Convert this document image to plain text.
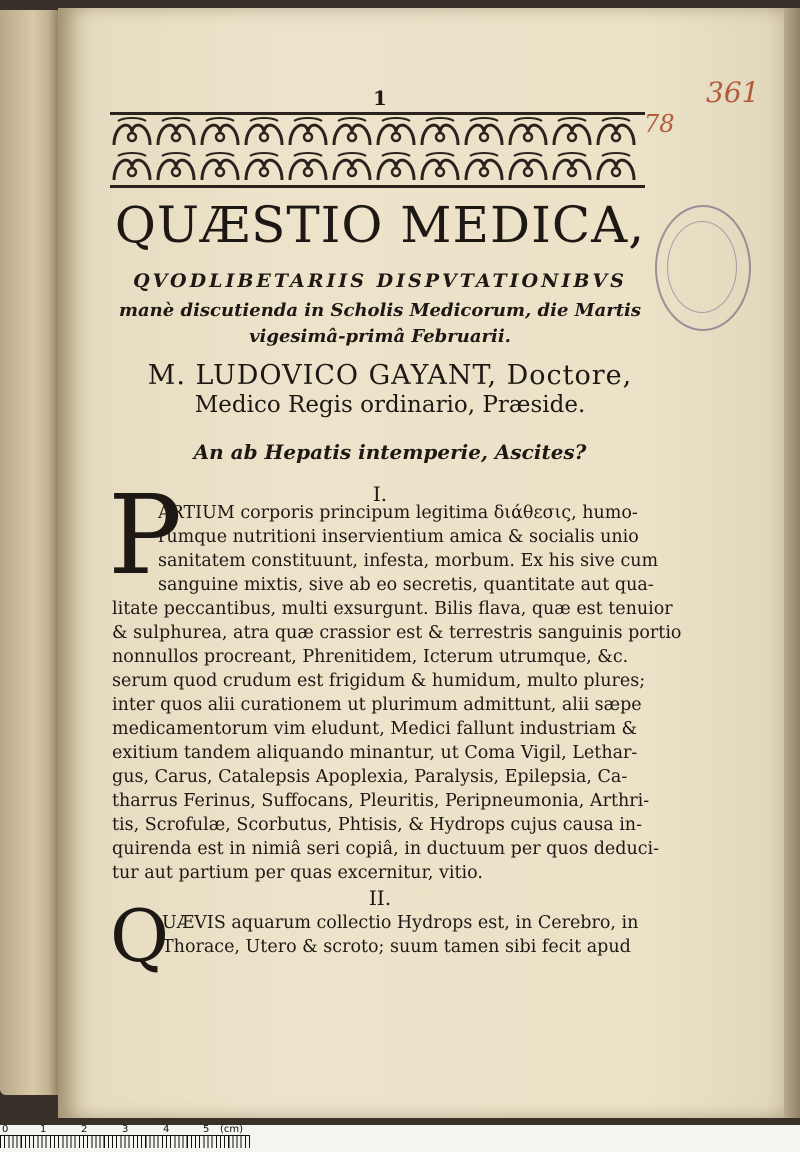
1	361
78
QUÆSTIO MEDICA,
QVODLIBETARIIS DISPVTATIONIBVS
manè discutienda in Scholis Medicorum, die Martis
vigesimâ-primâ Februarii.
M. LUDOVICO GAYANT, Doctore,
Medico Regis ordinario, Præside.
An ab Hepatis intemperie, Ascites?
I.
P
ARTIUM corporis principum legitima διάθεσις, humo-
rumque nutritioni inservientium amica & socialis unio
sanitatem constituunt, infesta, morbum. Ex his sive cum
sanguine mixtis, sive ab eo secretis, quantitate aut qua-
litate peccantibus, multi exsurgunt. Bilis flava, quæ est tenuior
& sulphurea, atra quæ crassior est & terrestris sanguinis portio
nonnullos procreant, Phrenitidem, Icterum utrumque, &c.
serum quod crudum est frigidum & humidum, multo plures;
inter quos alii curationem ut plurimum admittunt, alii sæpe
medicamentorum vim eludunt, Medici fallunt industriam &
exitium tandem aliquando minantur, ut Coma Vigil, Lethar-
gus, Carus, Catalepsis Apoplexia, Paralysis, Epilepsia, Ca-
tharrus Ferinus, Suffocans, Pleuritis, Peripneumonia, Arthri-
tis, Scrofulæ, Scorbutus, Phtisis, & Hydrops cujus causa in-
quirenda est in nimiâ seri copiâ, in ductuum per quos deduci-
tur aut partium per quas excernitur, vitio.
II.
Q
UÆVIS aquarum collectio Hydrops est, in Cerebro, in
Thorace, Utero & scroto; suum tamen sibi fecit apud
0	1	2	3	4	5 (cm)
